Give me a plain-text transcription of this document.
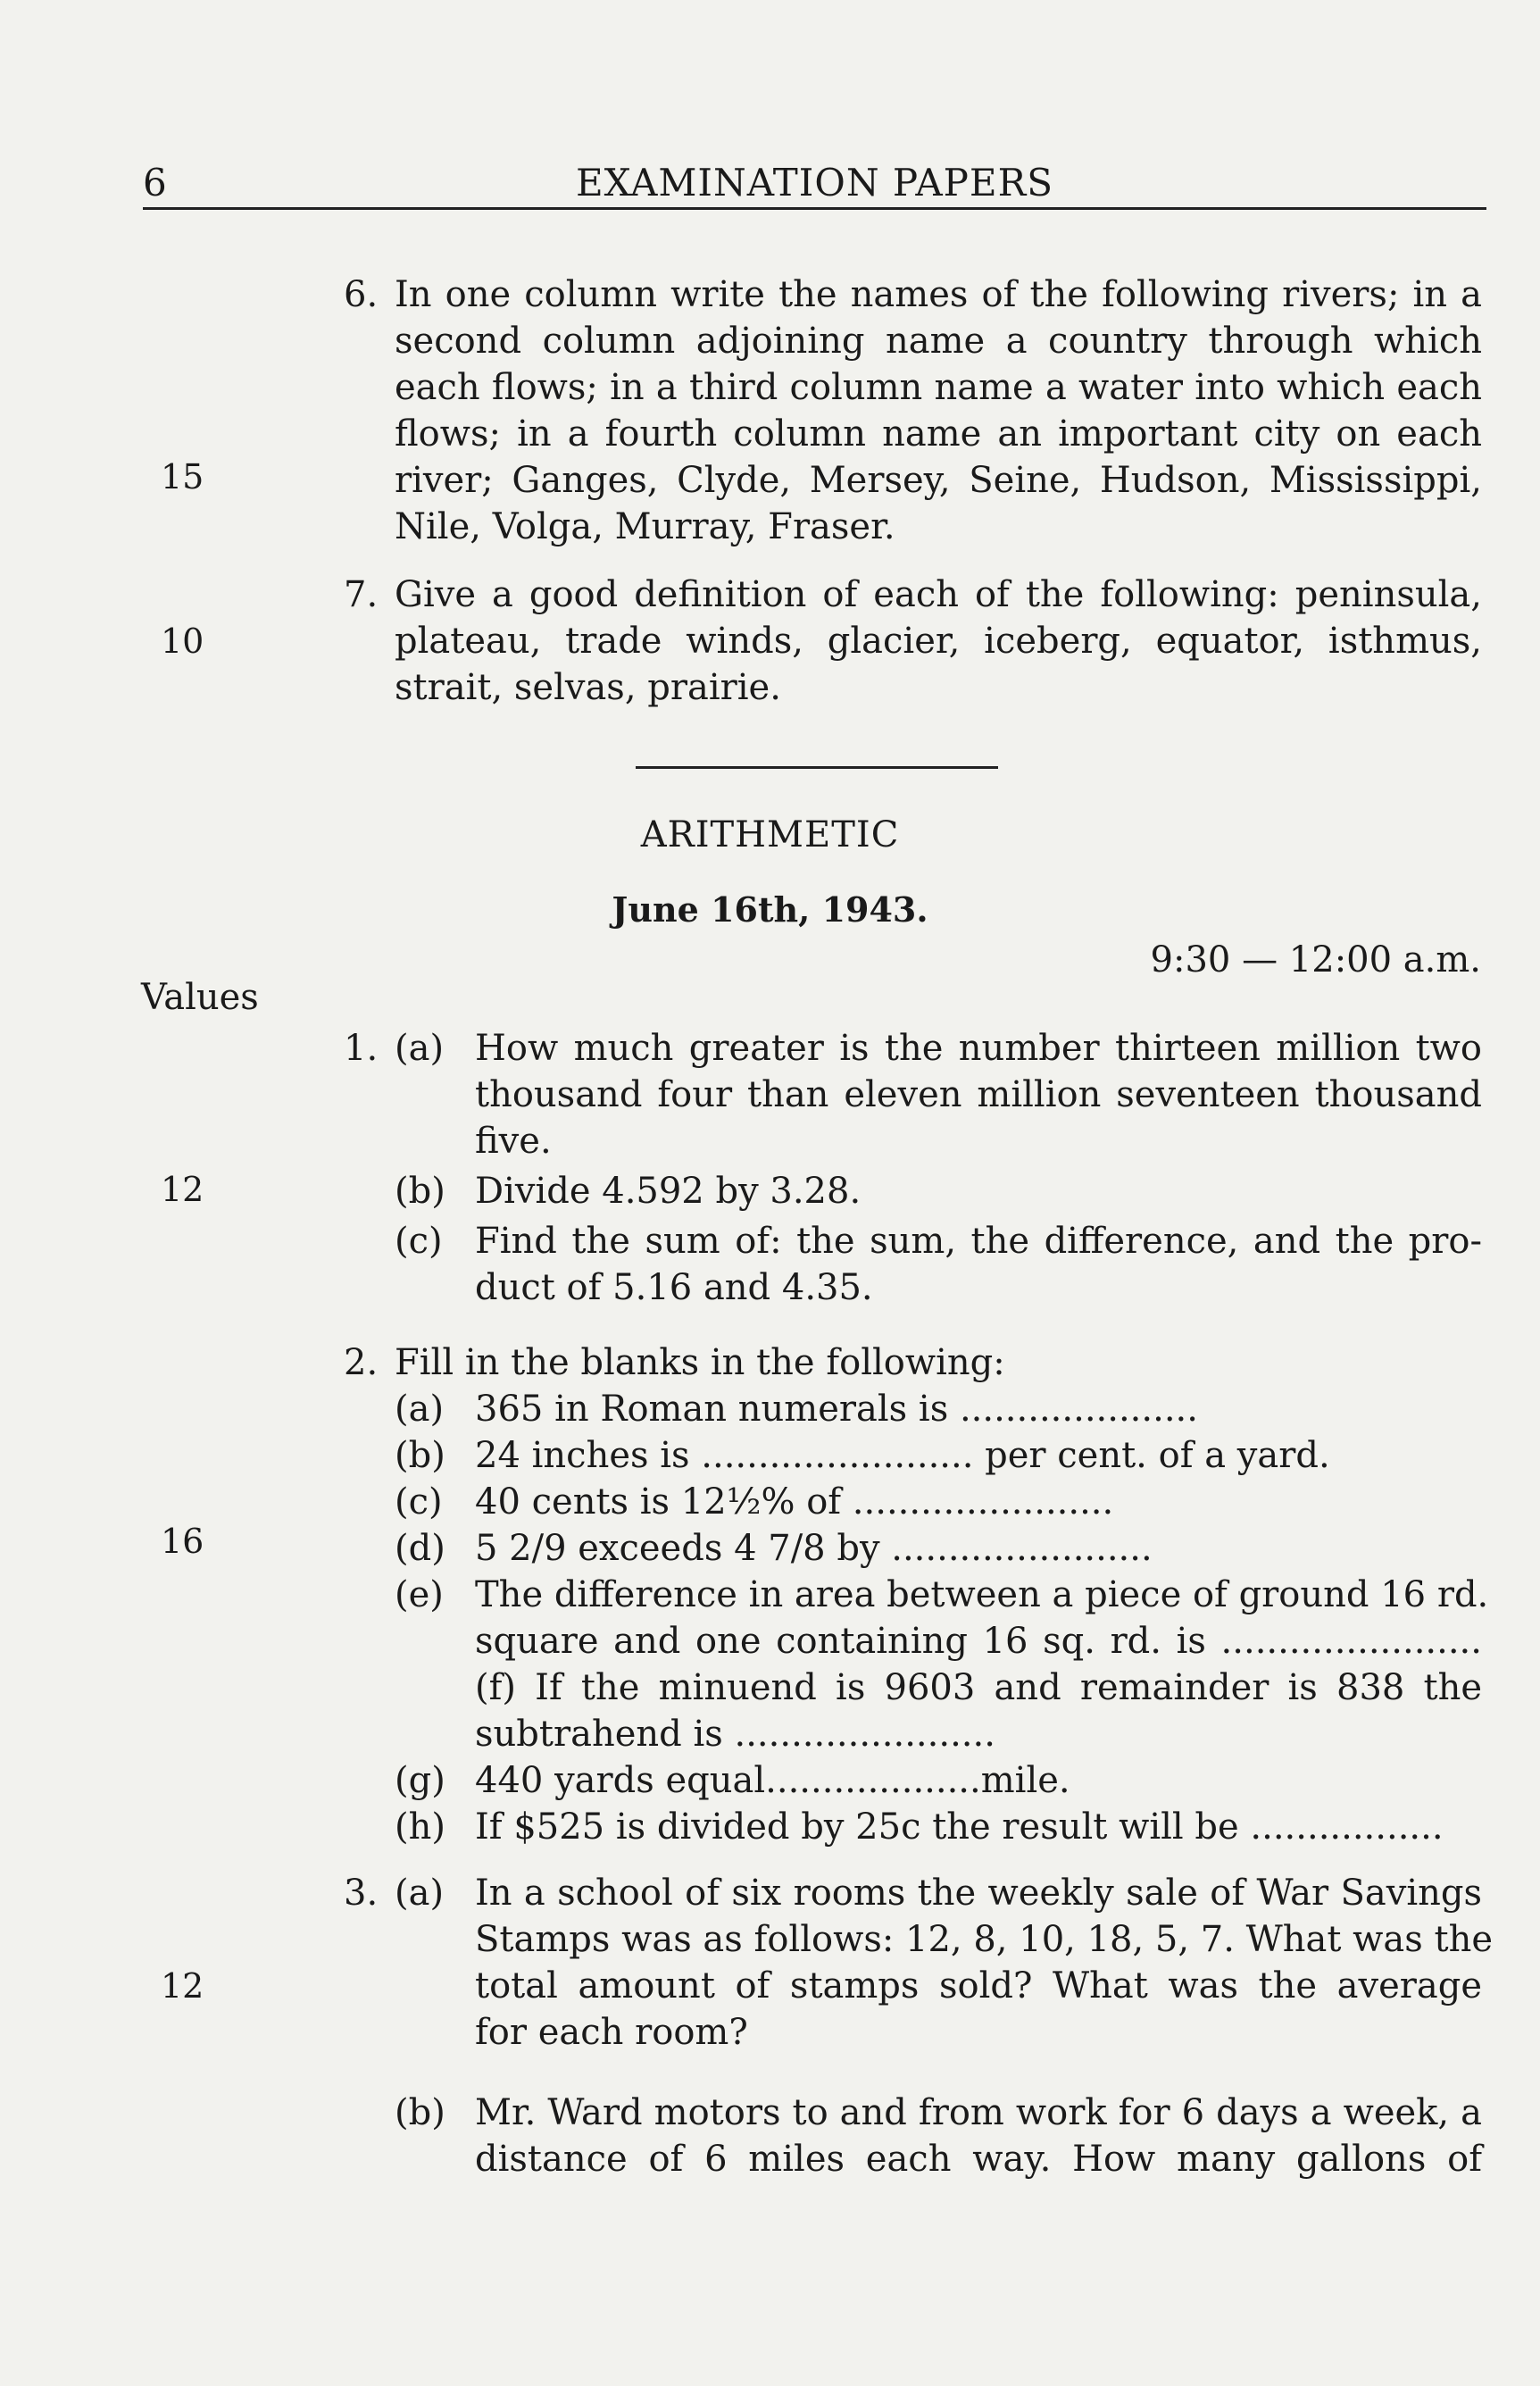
6	EXAMINATION PAPERS
15
6. In one column write the names of the following rivers; in a
second column adjoining name a country through which
each flows; in a third column name a water into which each
flows; in a fourth column name an important city on each
river; Ganges, Clyde, Mersey, Seine, Hudson, Mississippi,
Nile, Volga, Murray, Fraser.
10
7. Give a good definition of each of the following: peninsula,
plateau, trade winds, glacier, iceberg, equator, isthmus,
strait, selvas, prairie.
ARITHMETIC
June 16th, 1943.
9:30 — 12:00 a.m.
Values
12
1. (a) How much greater is the number thirteen million two
thousand four than eleven million seventeen thousand
five.
(b) Divide 4.592 by 3.28.
(c) Find the sum of: the sum, the difference, and the pro-
duct of 5.16 and 4.35.
16
2. Fill in the blanks in the following:
(a) 365 in Roman numerals is .....................
(b) 24 inches is ........................ per cent. of a yard.
(c) 40 cents is 12½% of .......................
(d) 5 2/9 exceeds 4 7/8 by .......................
(e) The difference in area between a piece of ground 16 rd.
square and one containing 16 sq. rd. is .......................
(f) If the minuend is 9603 and remainder is 838 the
subtrahend is .......................
(g) 440 yards equal...................mile.
(h) If $525 is divided by 25c the result will be .................
12
3. (a) In a school of six rooms the weekly sale of War Savings
Stamps was as follows: 12, 8, 10, 18, 5, 7. What was the
total amount of stamps sold? What was the average
for each room?
(b) Mr. Ward motors to and from work for 6 days a week, a
distance of 6 miles each way. How many gallons of
